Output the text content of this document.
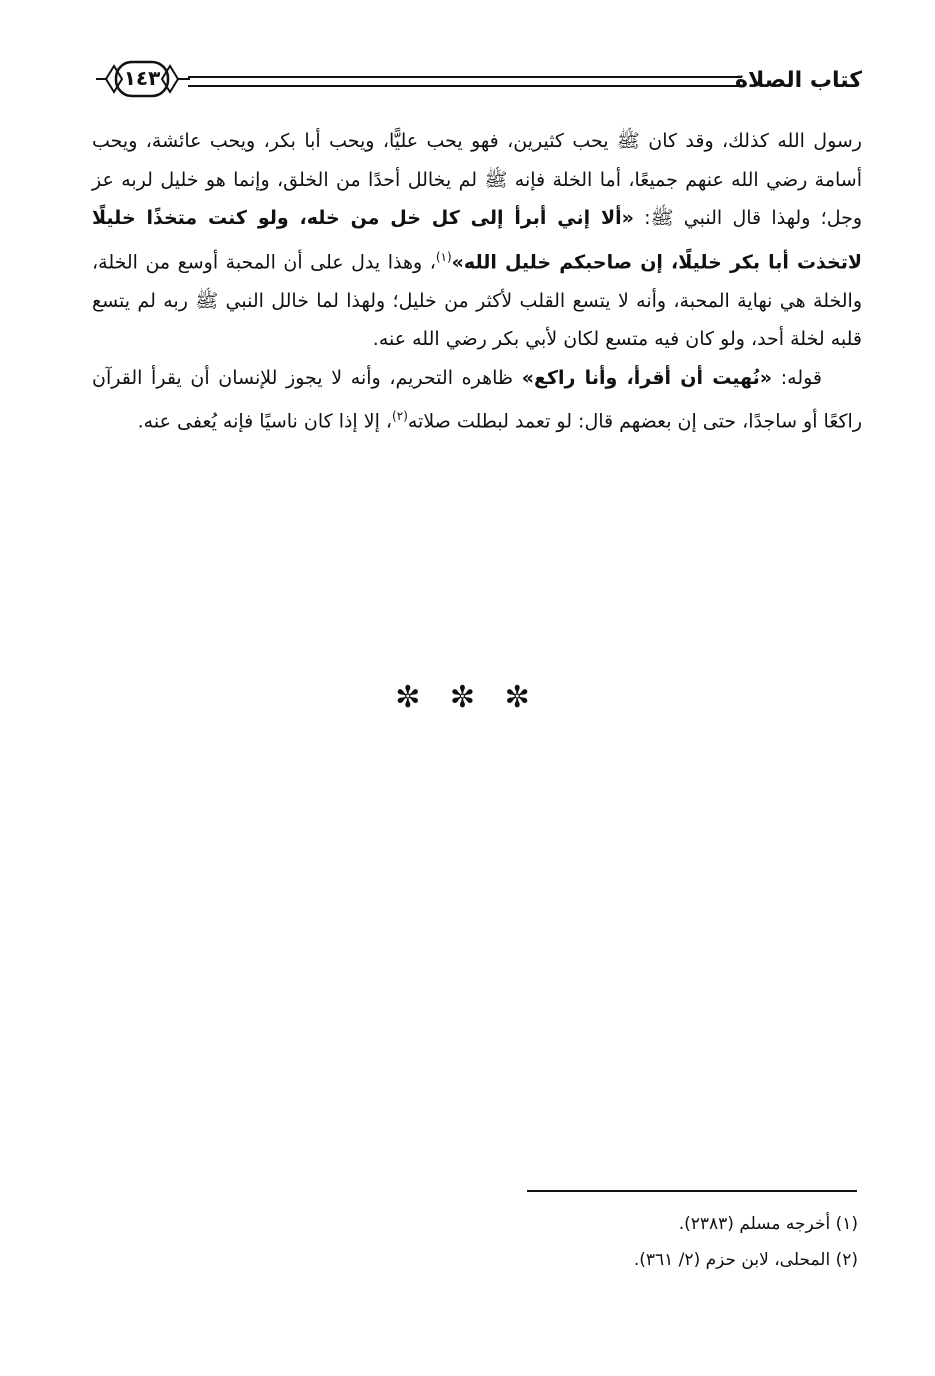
١٤٣	كتاب الصلاة

رسول الله كذلك، وقد كان ﷺ يحب كثيرين، فهو يحب عليًّا، ويحب أبا بكر، ويحب عائشة، ويحب أسامة رضي الله عنهم جميعًا، أما الخلة فإنه ﷺ لم يخالل أحدًا من الخلق، وإنما هو خليل لربه عز وجل؛ ولهذا قال النبي ﷺ: «ألا إني أبرأ إلى كل خل من خله، ولو كنت متخذًا خليلًا لاتخذت أبا بكر خليلًا، إن صاحبكم خليل الله»$^{(١)}$، وهذا يدل على أن المحبة أوسع من الخلة، والخلة هي نهاية المحبة، وأنه لا يتسع القلب لأكثر من خليل؛ ولهذا لما خالل النبي ﷺ ربه لم يتسع قلبه لخلة أحد، ولو كان فيه متسع لكان لأبي بكر رضي الله عنه.

قوله: «نُهيت أن أقرأ، وأنا راكع» ظاهره التحريم، وأنه لا يجوز للإنسان أن يقرأ القرآن راكعًا أو ساجدًا، حتى إن بعضهم قال: لو تعمد لبطلت صلاته$^{(٢)}$، إلا إذا كان ناسيًا فإنه يُعفى عنه.

✼ ✼ ✼
(١) أخرجه مسلم (٢٣٨٣).
(٢) المحلى، لابن حزم (٢/ ٣٦١).
